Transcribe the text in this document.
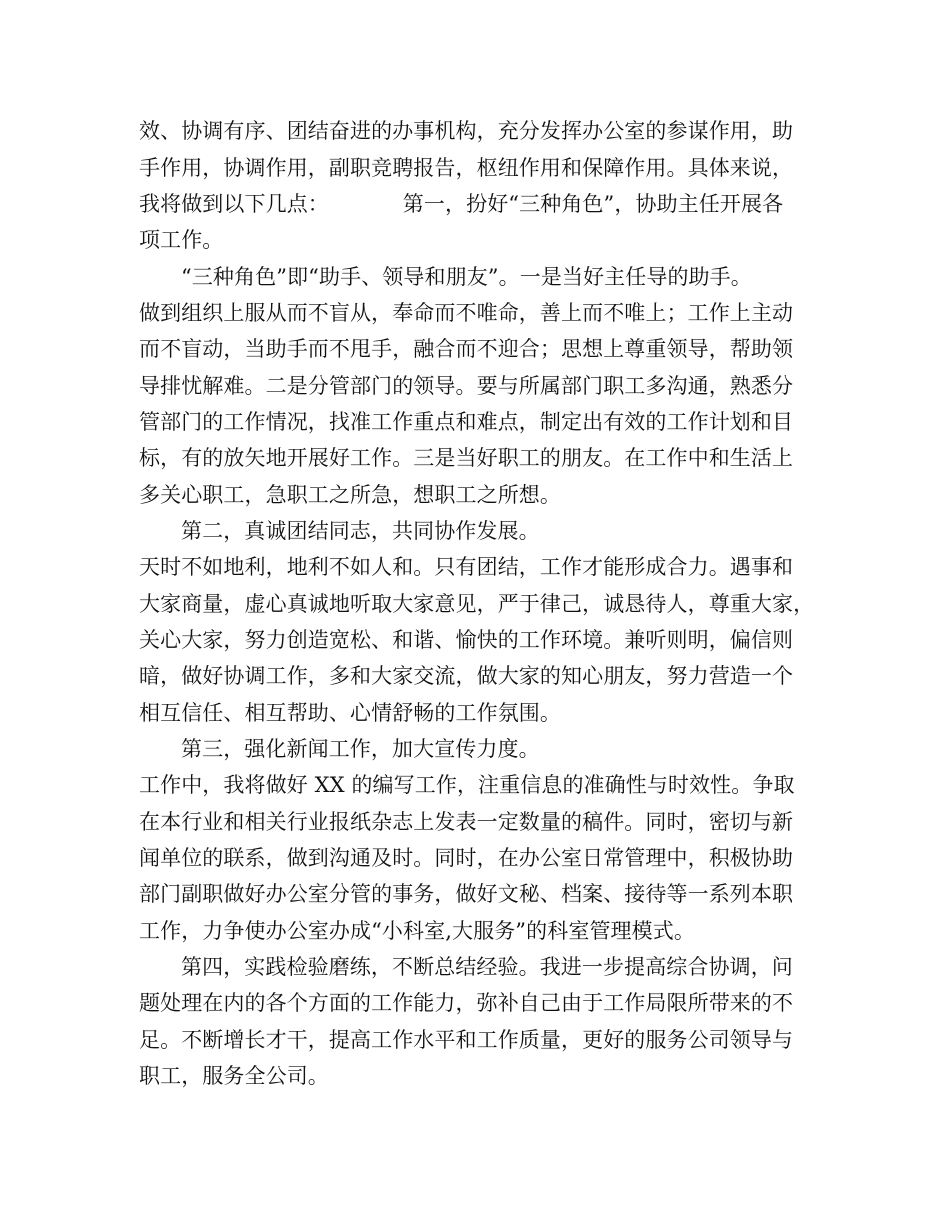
效、协调有序、团结奋进的办事机构，充分发挥办公室的参谋作用，助
手作用，协调作用，副职竞聘报告，枢纽作用和保障作用。具体来说，
我将做到以下几点：　　　　第一，扮好“三种角色”，协助主任开展各
项工作。
“三种角色”即“助手、领导和朋友”。一是当好主任导的助手。
做到组织上服从而不盲从，奉命而不唯命，善上而不唯上；工作上主动
而不盲动，当助手而不甩手，融合而不迎合；思想上尊重领导，帮助领
导排忧解难。二是分管部门的领导。要与所属部门职工多沟通，熟悉分
管部门的工作情况，找准工作重点和难点，制定出有效的工作计划和目
标，有的放矢地开展好工作。三是当好职工的朋友。在工作中和生活上
多关心职工，急职工之所急，想职工之所想。
第二，真诚团结同志，共同协作发展。
天时不如地利，地利不如人和。只有团结，工作才能形成合力。遇事和
大家商量，虚心真诚地听取大家意见，严于律己，诚恳待人，尊重大家，
关心大家，努力创造宽松、和谐、愉快的工作环境。兼听则明，偏信则
暗，做好协调工作，多和大家交流，做大家的知心朋友，努力营造一个
相互信任、相互帮助、心情舒畅的工作氛围。
第三，强化新闻工作，加大宣传力度。
工作中，我将做好 XX 的编写工作，注重信息的准确性与时效性。争取
在本行业和相关行业报纸杂志上发表一定数量的稿件。同时，密切与新
闻单位的联系，做到沟通及时。同时，在办公室日常管理中，积极协助
部门副职做好办公室分管的事务，做好文秘、档案、接待等一系列本职
工作，力争使办公室办成“小科室,大服务”的科室管理模式。
第四，实践检验磨练，不断总结经验。我进一步提高综合协调，问
题处理在内的各个方面的工作能力，弥补自己由于工作局限所带来的不
足。不断增长才干，提高工作水平和工作质量，更好的服务公司领导与
职工，服务全公司。
